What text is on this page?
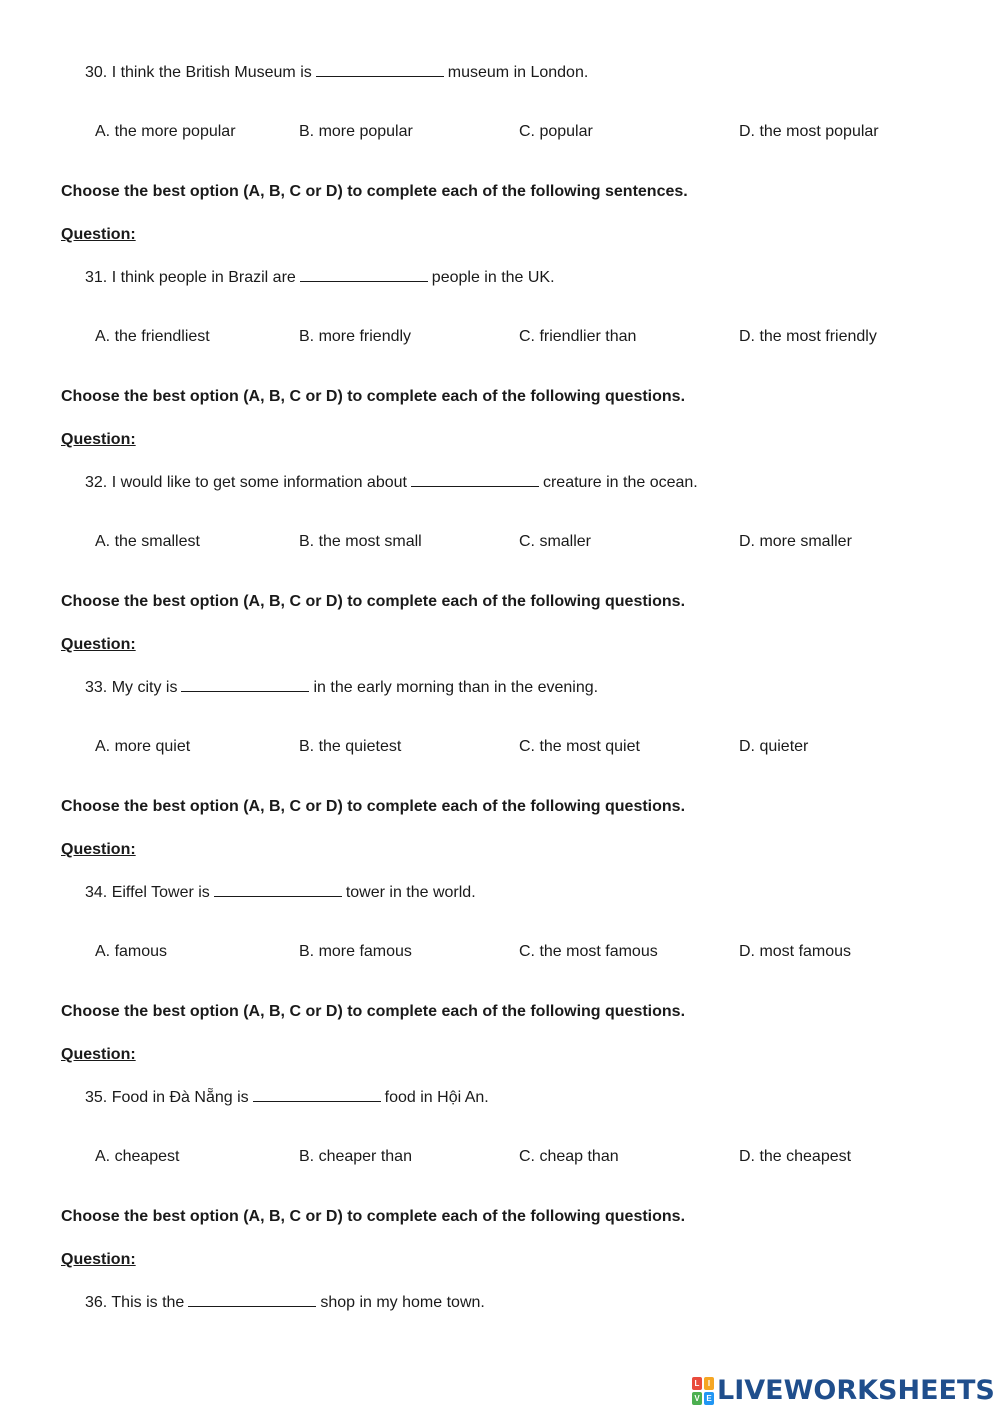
30. I think the British Museum is	museum in London.
A. the more popular	B. more popular	C. popular	D. the most popular
Choose the best option (A, B, C or D) to complete each of the following sentences.
Question:
31. I think people in Brazil are	people in the UK.
A. the friendliest	B. more friendly	C. friendlier than	D. the most friendly
Choose the best option (A, B, C or D) to complete each of the following questions.
Question:
32. I would like to get some information about	creature in the ocean.
A. the smallest	B. the most small	C. smaller	D. more smaller
Choose the best option (A, B, C or D) to complete each of the following questions.
Question:
33. My city is	in the early morning than in the evening.
A. more quiet	B. the quietest	C. the most quiet	D. quieter
Choose the best option (A, B, C or D) to complete each of the following questions.
Question:
34. Eiffel Tower is	tower in the world.
A. famous	B. more famous	C. the most famous	D. most famous
Choose the best option (A, B, C or D) to complete each of the following questions.
Question:
35. Food in Đà Nẵng is	food in Hội An.
A. cheapest	B. cheaper than	C. cheap than	D. the cheapest
Choose the best option (A, B, C or D) to complete each of the following questions.
Question:
36. This is the	shop in my home town.
L	I
V E LIVEWORKSHEETS
